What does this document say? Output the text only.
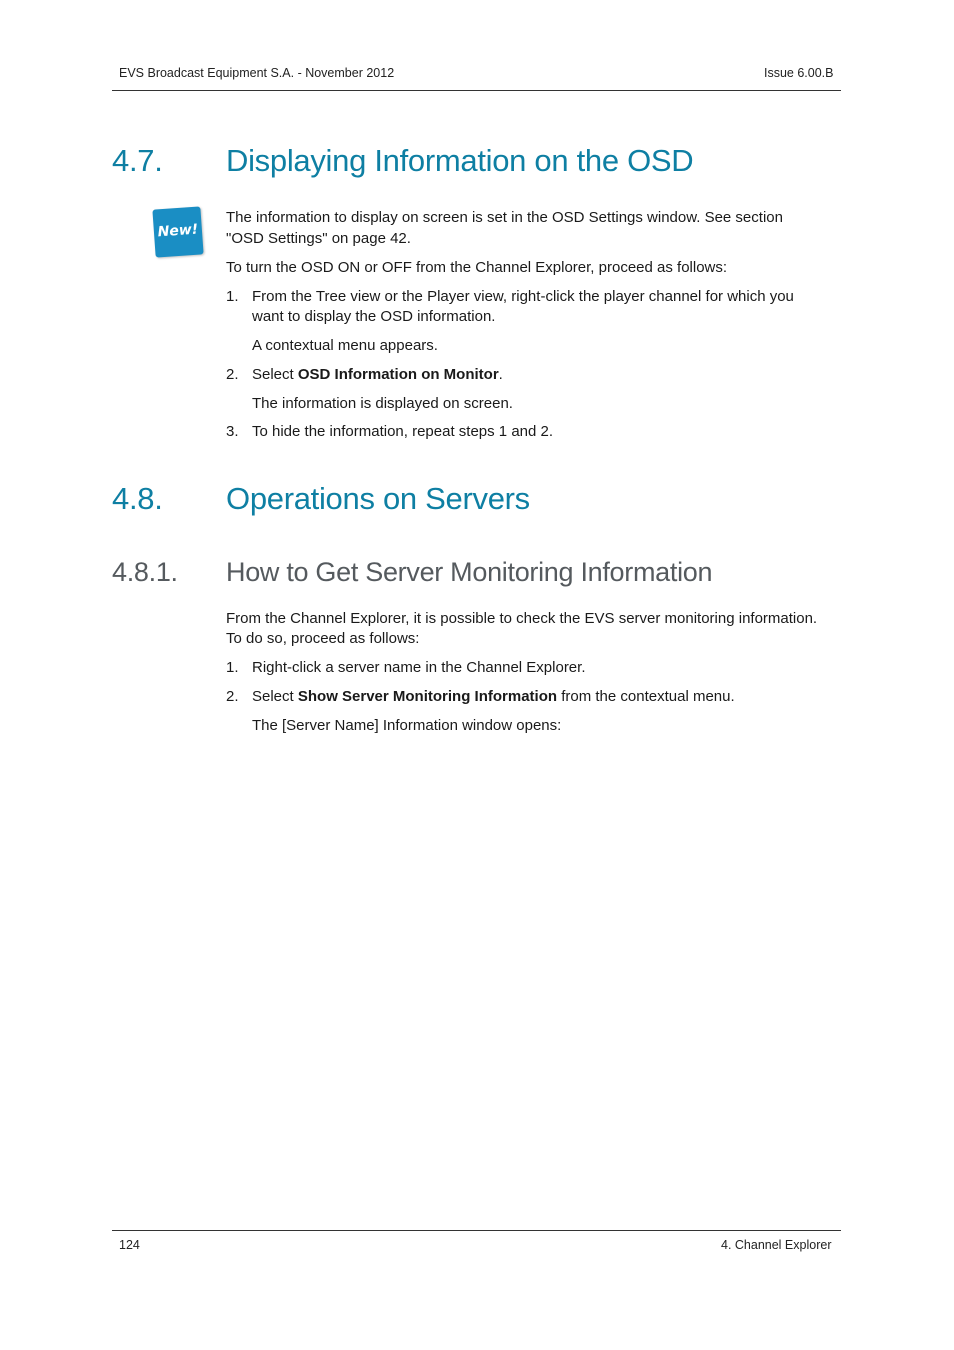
EVS Broadcast Equipment S.A. - November 2012	Issue 6.00.B
4.7. Displaying Information on the OSD
New!
The information to display on screen is set in the OSD Settings window. See section
"OSD Settings" on page 42.
To turn the OSD ON or OFF from the Channel Explorer, proceed as follows:
1. From the Tree view or the Player view, right-click the player channel for which you
want to display the OSD information.
A contextual menu appears.
2. Select OSD Information on Monitor.
The information is displayed on screen.
3. To hide the information, repeat steps 1 and 2.
4.8. Operations on Servers
4.8.1. How to Get Server Monitoring Information
From the Channel Explorer, it is possible to check the EVS server monitoring information.
To do so, proceed as follows:
1. Right-click a server name in the Channel Explorer.
2. Select Show Server Monitoring Information from the contextual menu.
The [Server Name] Information window opens:
124	4. Channel Explorer
